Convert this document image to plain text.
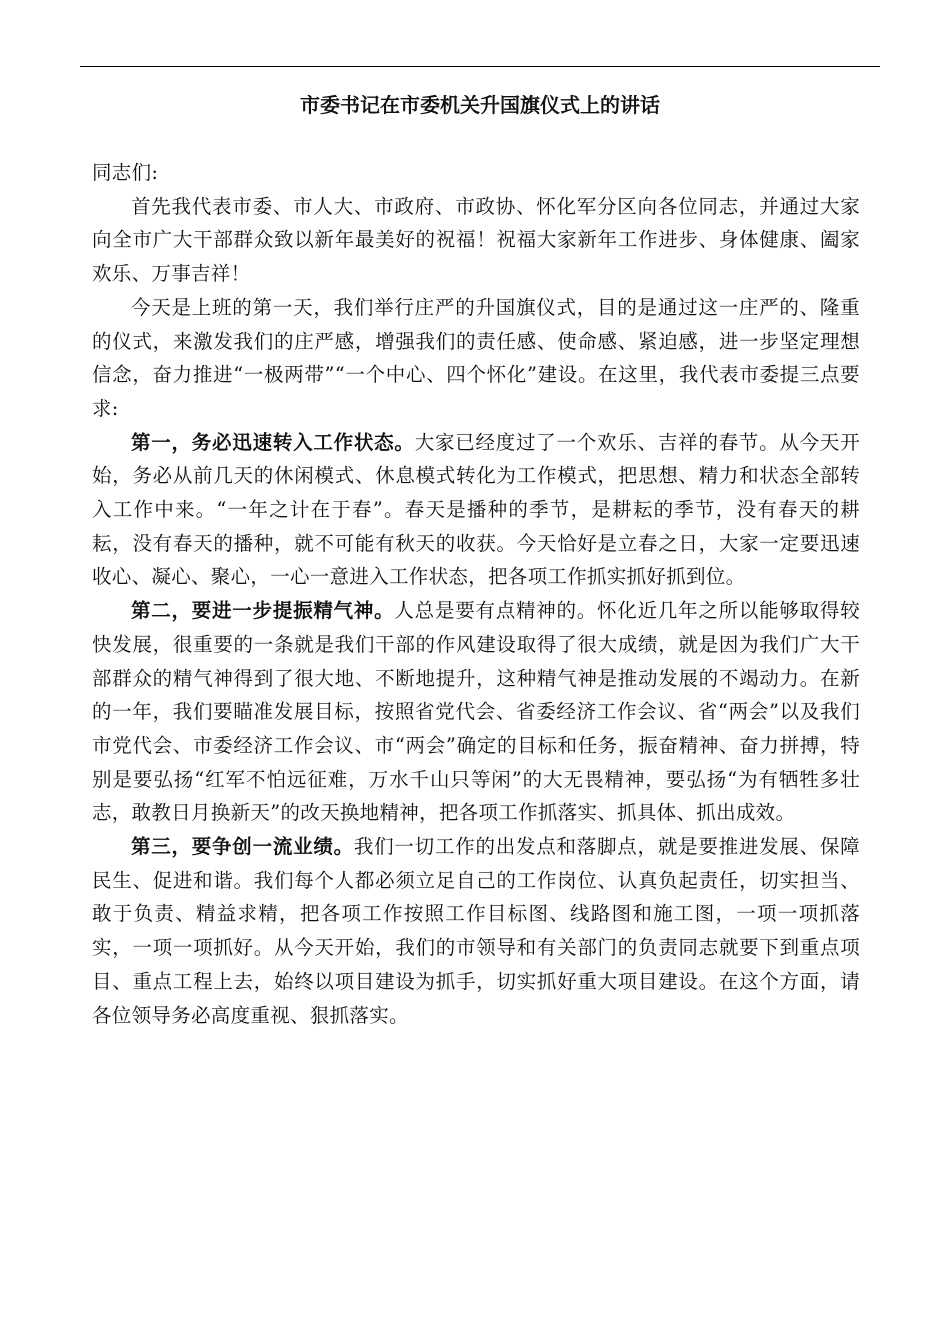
市委书记在市委机关升国旗仪式上的讲话

同志们:

首先我代表市委、市人大、市政府、市政协、怀化军分区向各位同志，并通过大家向全市广大干部群众致以新年最美好的祝福！祝福大家新年工作进步、身体健康、阖家欢乐、万事吉祥！

今天是上班的第一天，我们举行庄严的升国旗仪式，目的是通过这一庄严的、隆重的仪式，来激发我们的庄严感，增强我们的责任感、使命感、紧迫感，进一步坚定理想信念，奋力推进“一极两带”“一个中心、四个怀化”建设。在这里，我代表市委提三点要求:

第一，务必迅速转入工作状态。大家已经度过了一个欢乐、吉祥的春节。从今天开始，务必从前几天的休闲模式、休息模式转化为工作模式，把思想、精力和状态全部转入工作中来。“一年之计在于春”。春天是播种的季节，是耕耘的季节，没有春天的耕耘，没有春天的播种，就不可能有秋天的收获。今天恰好是立春之日，大家一定要迅速收心、凝心、聚心，一心一意进入工作状态，把各项工作抓实抓好抓到位。

第二，要进一步提振精气神。人总是要有点精神的。怀化近几年之所以能够取得较快发展，很重要的一条就是我们干部的作风建设取得了很大成绩，就是因为我们广大干部群众的精气神得到了很大地、不断地提升，这种精气神是推动发展的不竭动力。在新的一年，我们要瞄准发展目标，按照省党代会、省委经济工作会议、省“两会”以及我们市党代会、市委经济工作会议、市“两会”确定的目标和任务，振奋精神、奋力拼搏，特别是要弘扬“红军不怕远征难，万水千山只等闲”的大无畏精神，要弘扬“为有牺牲多壮志，敢教日月换新天”的改天换地精神，把各项工作抓落实、抓具体、抓出成效。

第三，要争创一流业绩。我们一切工作的出发点和落脚点，就是要推进发展、保障民生、促进和谐。我们每个人都必须立足自己的工作岗位、认真负起责任，切实担当、敢于负责、精益求精，把各项工作按照工作目标图、线路图和施工图，一项一项抓落实，一项一项抓好。从今天开始，我们的市领导和有关部门的负责同志就要下到重点项目、重点工程上去，始终以项目建设为抓手，切实抓好重大项目建设。在这个方面，请各位领导务必高度重视、狠抓落实。
